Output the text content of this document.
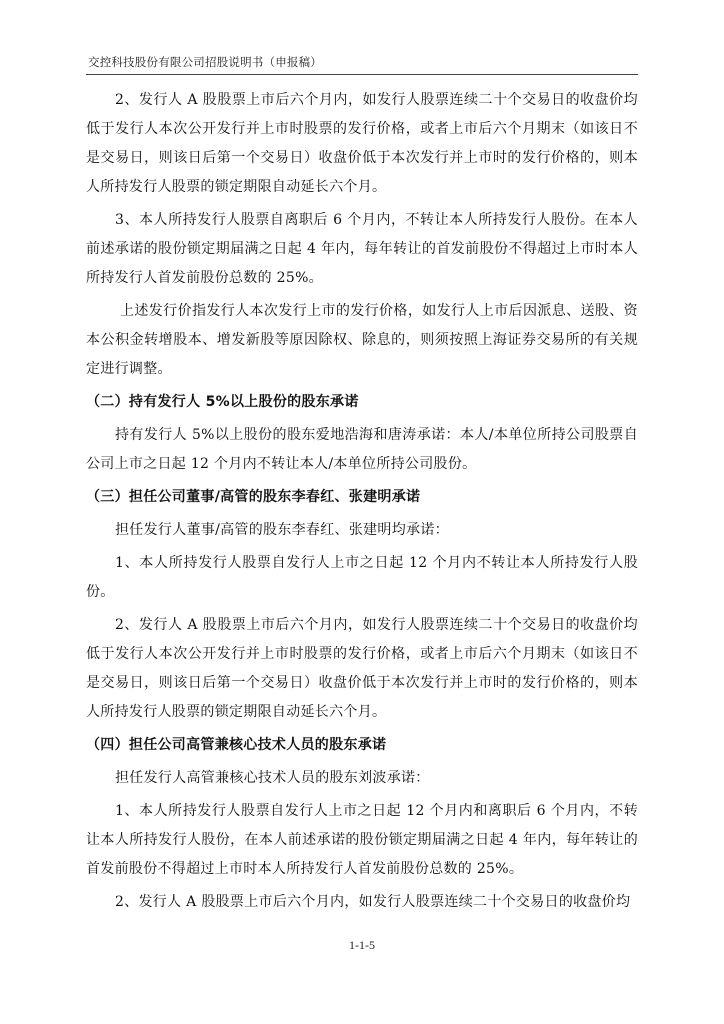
交控科技股份有限公司招股说明书（申报稿）

2、发行人 A 股股票上市后六个月内，如发行人股票连续二十个交易日的收盘价均低于发行人本次公开发行并上市时股票的发行价格，或者上市后六个月期末（如该日不是交易日，则该日后第一个交易日）收盘价低于本次发行并上市时的发行价格的，则本人所持发行人股票的锁定期限自动延长六个月。

3、本人所持发行人股票自离职后 6 个月内，不转让本人所持发行人股份。在本人前述承诺的股份锁定期届满之日起 4 年内，每年转让的首发前股份不得超过上市时本人所持发行人首发前股份总数的 25%。

上述发行价指发行人本次发行上市的发行价格，如发行人上市后因派息、送股、资本公积金转增股本、增发新股等原因除权、除息的，则须按照上海证券交易所的有关规定进行调整。

（二）持有发行人 5%以上股份的股东承诺

持有发行人 5%以上股份的股东爱地浩海和唐涛承诺：本人/本单位所持公司股票自公司上市之日起 12 个月内不转让本人/本单位所持公司股份。

（三）担任公司董事/高管的股东李春红、张建明承诺

担任发行人董事/高管的股东李春红、张建明均承诺：

1、本人所持发行人股票自发行人上市之日起 12 个月内不转让本人所持发行人股份。

2、发行人 A 股股票上市后六个月内，如发行人股票连续二十个交易日的收盘价均低于发行人本次公开发行并上市时股票的发行价格，或者上市后六个月期末（如该日不是交易日，则该日后第一个交易日）收盘价低于本次发行并上市时的发行价格的，则本人所持发行人股票的锁定期限自动延长六个月。

（四）担任公司高管兼核心技术人员的股东承诺

担任发行人高管兼核心技术人员的股东刘波承诺：

1、本人所持发行人股票自发行人上市之日起 12 个月内和离职后 6 个月内，不转让本人所持发行人股份，在本人前述承诺的股份锁定期届满之日起 4 年内，每年转让的首发前股份不得超过上市时本人所持发行人首发前股份总数的 25%。

2、发行人 A 股股票上市后六个月内，如发行人股票连续二十个交易日的收盘价均

1-1-5
